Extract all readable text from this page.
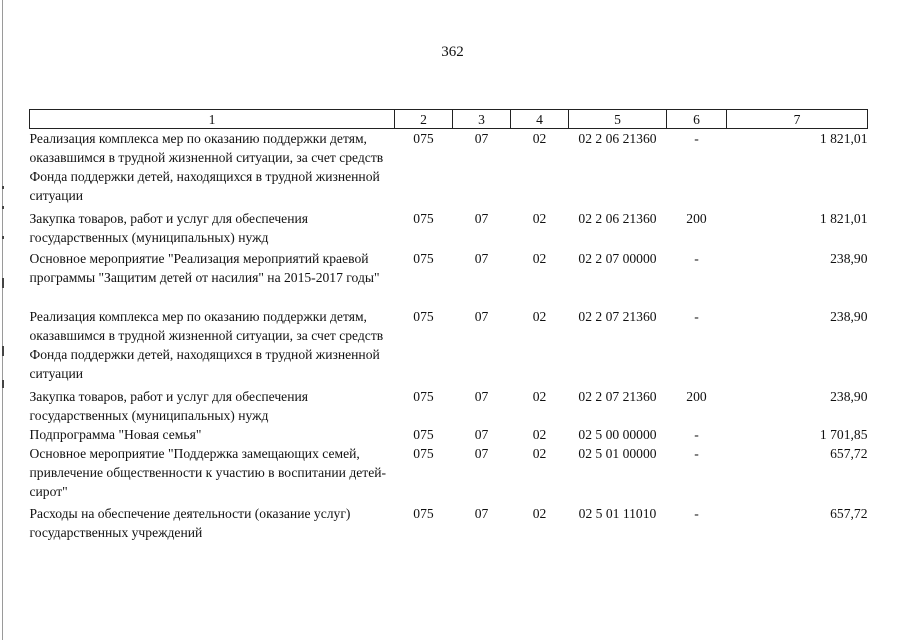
362
1	2	3	4	5	6	7
Реализация комплекса мер по оказанию поддержки детям, оказавшимся в трудной жизненной ситуации, за счет средств Фонда поддержки детей, находящихся в трудной жизненной ситуации	075	07	02	02 2 06 21360	-	1 821,01
Закупка товаров, работ и услуг для обеспечения государственных (муниципальных) нужд	075	07	02	02 2 06 21360	200	1 821,01
Основное мероприятие "Реализация мероприятий краевой программы "Защитим детей от насилия" на 2015-2017 годы"	075	07	02	02 2 07 00000	-	238,90
Реализация комплекса мер по оказанию поддержки детям, оказавшимся в трудной жизненной ситуации, за счет средств Фонда поддержки детей, находящихся в трудной жизненной ситуации	075	07	02	02 2 07 21360	-	238,90
Закупка товаров, работ и услуг для обеспечения государственных (муниципальных) нужд	075	07	02	02 2 07 21360	200	238,90
Подпрограмма "Новая семья"	075	07	02	02 5 00 00000	-	1 701,85
Основное мероприятие "Поддержка замещающих семей, привлечение общественности к участию в воспитании детей-сирот"	075	07	02	02 5 01 00000	-	657,72
Расходы на обеспечение деятельности (оказание услуг) государственных учреждений	075	07	02	02 5 01 11010	-	657,72
